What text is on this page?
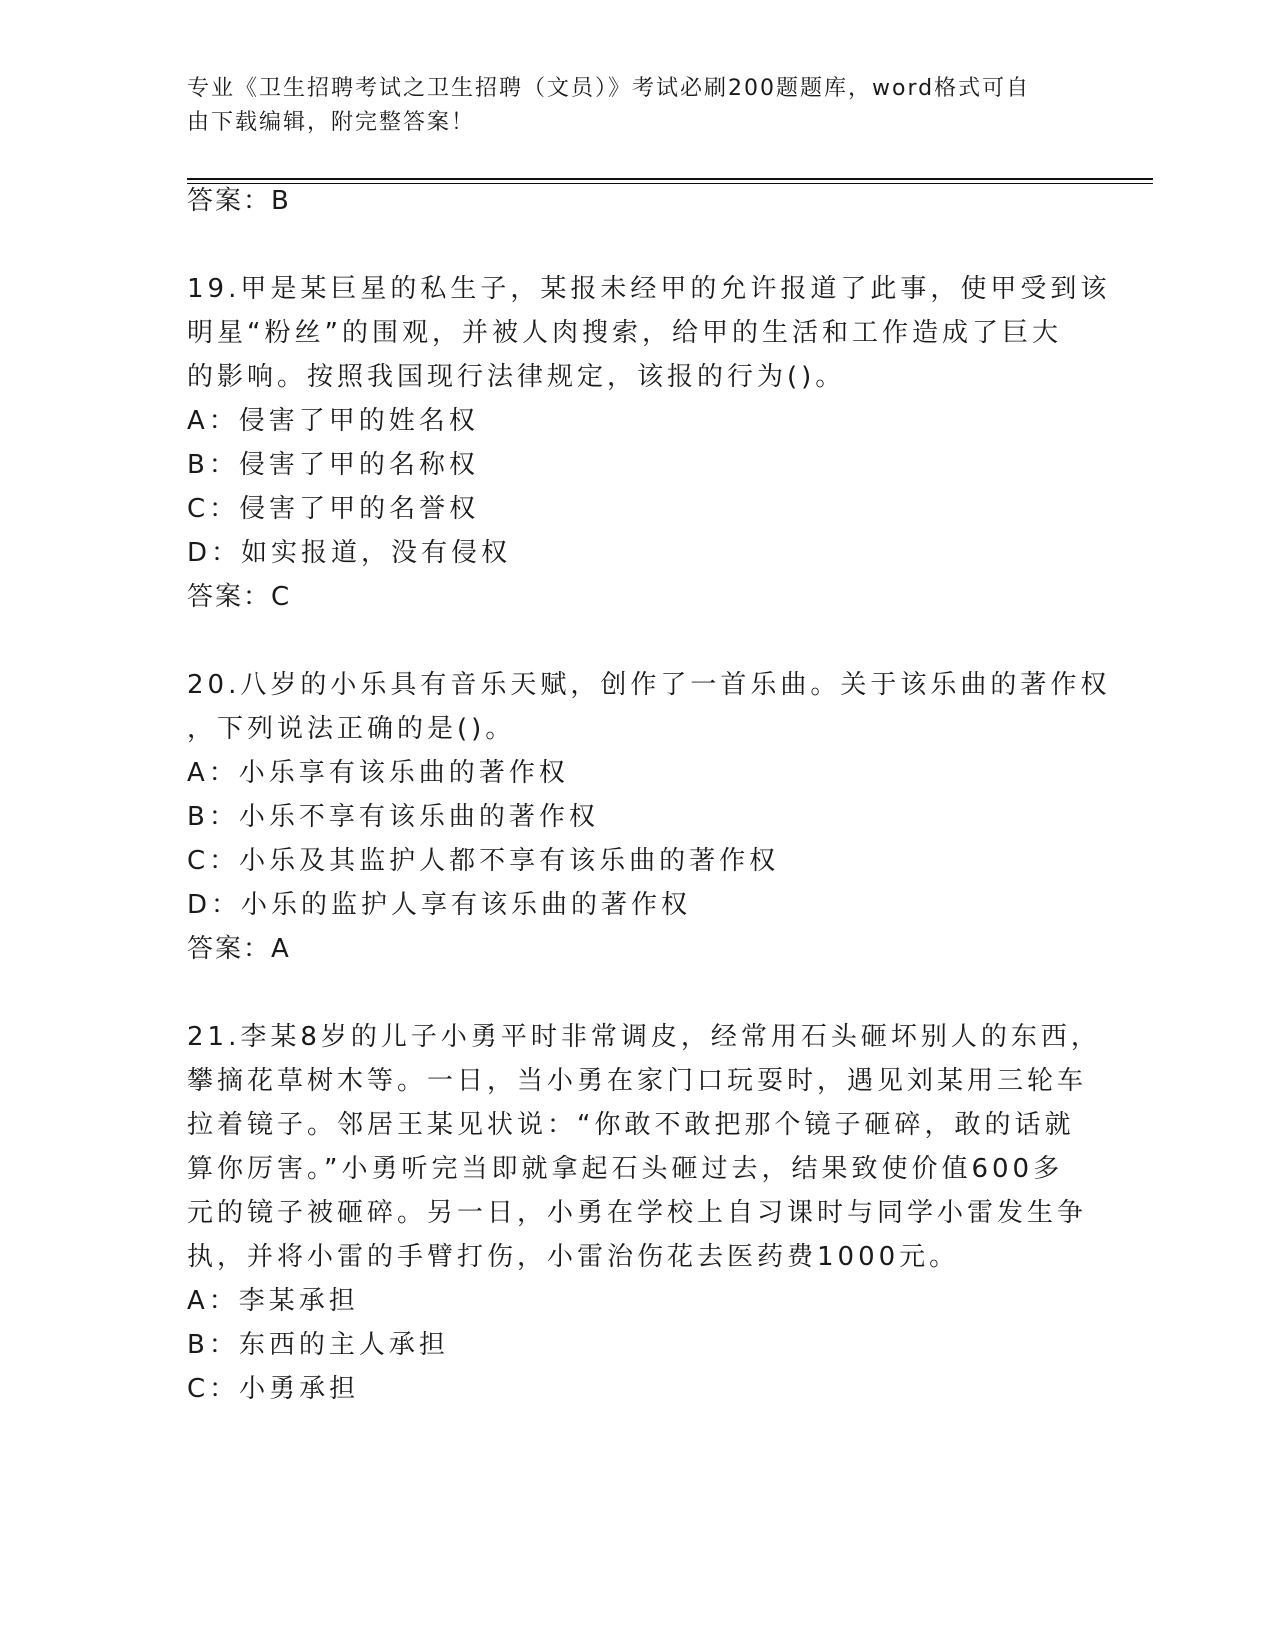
专业《卫生招聘考试之卫生招聘（文员）》考试必刷200题题库，word格式可自
由下载编辑，附完整答案！
答案：B
19.甲是某巨星的私生子，某报未经甲的允许报道了此事，使甲受到该
明星“粉丝”的围观，并被人肉搜索，给甲的生活和工作造成了巨大
的影响。按照我国现行法律规定，该报的行为()。
A：侵害了甲的姓名权
B：侵害了甲的名称权
C：侵害了甲的名誉权
D：如实报道，没有侵权
答案：C
20.八岁的小乐具有音乐天赋，创作了一首乐曲。关于该乐曲的著作权
，下列说法正确的是()。
A：小乐享有该乐曲的著作权
B：小乐不享有该乐曲的著作权
C：小乐及其监护人都不享有该乐曲的著作权
D：小乐的监护人享有该乐曲的著作权
答案：A
21.李某8岁的儿子小勇平时非常调皮，经常用石头砸坏别人的东西，
攀摘花草树木等。一日，当小勇在家门口玩耍时，遇见刘某用三轮车
拉着镜子。邻居王某见状说：“你敢不敢把那个镜子砸碎，敢的话就
算你厉害。”小勇听完当即就拿起石头砸过去，结果致使价值600多
元的镜子被砸碎。另一日，小勇在学校上自习课时与同学小雷发生争
执，并将小雷的手臂打伤，小雷治伤花去医药费1000元。
A：李某承担
B：东西的主人承担
C：小勇承担
